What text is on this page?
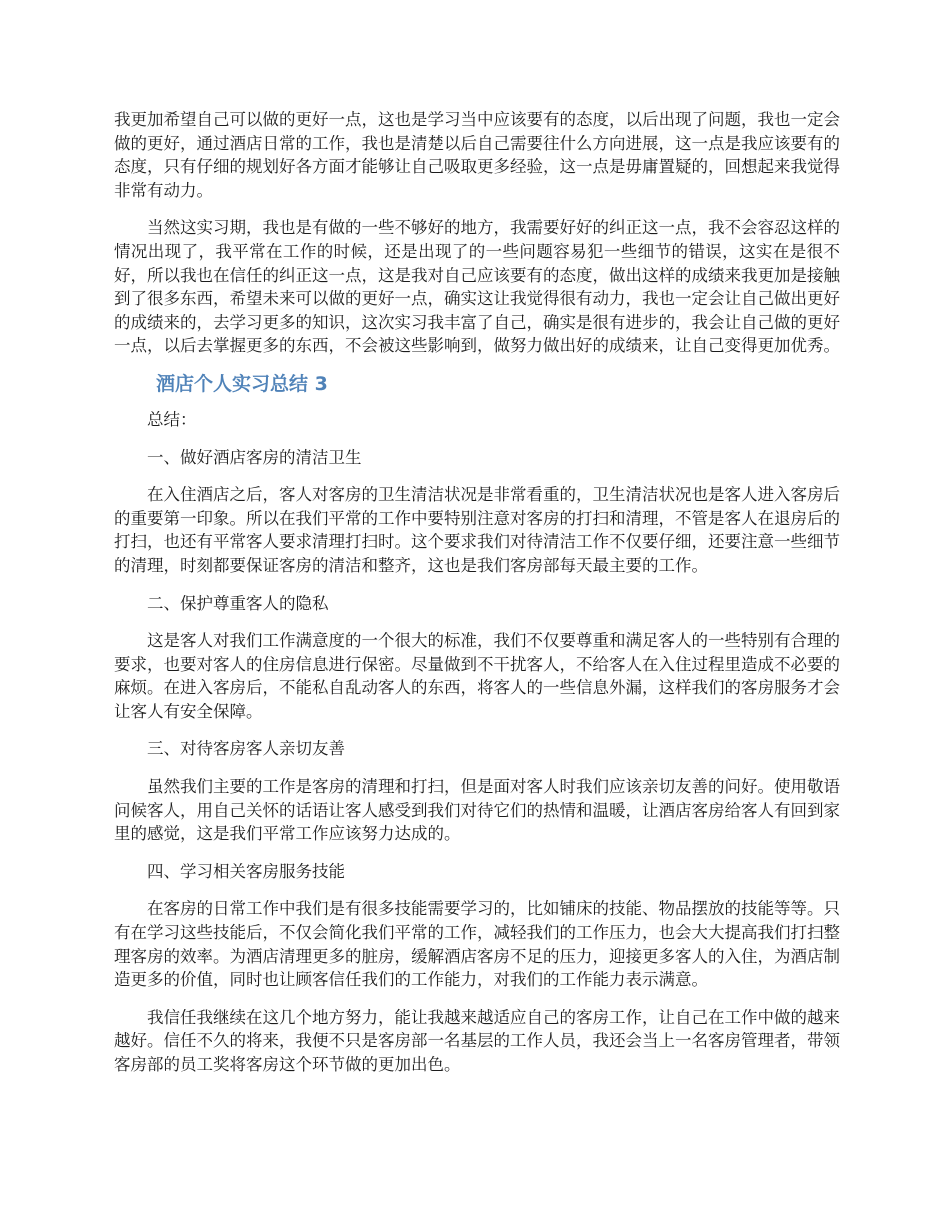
我更加希望自己可以做的更好一点，这也是学习当中应该要有的态度，以后出现了问题，我也一定会做的更好，通过酒店日常的工作，我也是清楚以后自己需要往什么方向进展，这一点是我应该要有的态度，只有仔细的规划好各方面才能够让自己吸取更多经验，这一点是毋庸置疑的，回想起来我觉得非常有动力。

当然这实习期，我也是有做的一些不够好的地方，我需要好好的纠正这一点，我不会容忍这样的情况出现了，我平常在工作的时候，还是出现了的一些问题容易犯一些细节的错误，这实在是很不好，所以我也在信任的纠正这一点，这是我对自己应该要有的态度，做出这样的成绩来我更加是接触到了很多东西，希望未来可以做的更好一点，确实这让我觉得很有动力，我也一定会让自己做出更好的成绩来的，去学习更多的知识，这次实习我丰富了自己，确实是很有进步的，我会让自己做的更好一点，以后去掌握更多的东西，不会被这些影响到，做努力做出好的成绩来，让自己变得更加优秀。

酒店个人实习总结 3

总结：

一、做好酒店客房的清洁卫生

在入住酒店之后，客人对客房的卫生清洁状况是非常看重的，卫生清洁状况也是客人进入客房后的重要第一印象。所以在我们平常的工作中要特别注意对客房的打扫和清理，不管是客人在退房后的打扫，也还有平常客人要求清理打扫时。这个要求我们对待清洁工作不仅要仔细，还要注意一些细节的清理，时刻都要保证客房的清洁和整齐，这也是我们客房部每天最主要的工作。

二、保护尊重客人的隐私

这是客人对我们工作满意度的一个很大的标准，我们不仅要尊重和满足客人的一些特别有合理的要求，也要对客人的住房信息进行保密。尽量做到不干扰客人，不给客人在入住过程里造成不必要的麻烦。在进入客房后，不能私自乱动客人的东西，将客人的一些信息外漏，这样我们的客房服务才会让客人有安全保障。

三、对待客房客人亲切友善

虽然我们主要的工作是客房的清理和打扫，但是面对客人时我们应该亲切友善的问好。使用敬语问候客人，用自己关怀的话语让客人感受到我们对待它们的热情和温暖，让酒店客房给客人有回到家里的感觉，这是我们平常工作应该努力达成的。

四、学习相关客房服务技能

在客房的日常工作中我们是有很多技能需要学习的，比如铺床的技能、物品摆放的技能等等。只有在学习这些技能后，不仅会简化我们平常的工作，减轻我们的工作压力，也会大大提高我们打扫整理客房的效率。为酒店清理更多的脏房，缓解酒店客房不足的压力，迎接更多客人的入住，为酒店制造更多的价值，同时也让顾客信任我们的工作能力，对我们的工作能力表示满意。

我信任我继续在这几个地方努力，能让我越来越适应自己的客房工作，让自己在工作中做的越来越好。信任不久的将来，我便不只是客房部一名基层的工作人员，我还会当上一名客房管理者，带领客房部的员工奖将客房这个环节做的更加出色。
